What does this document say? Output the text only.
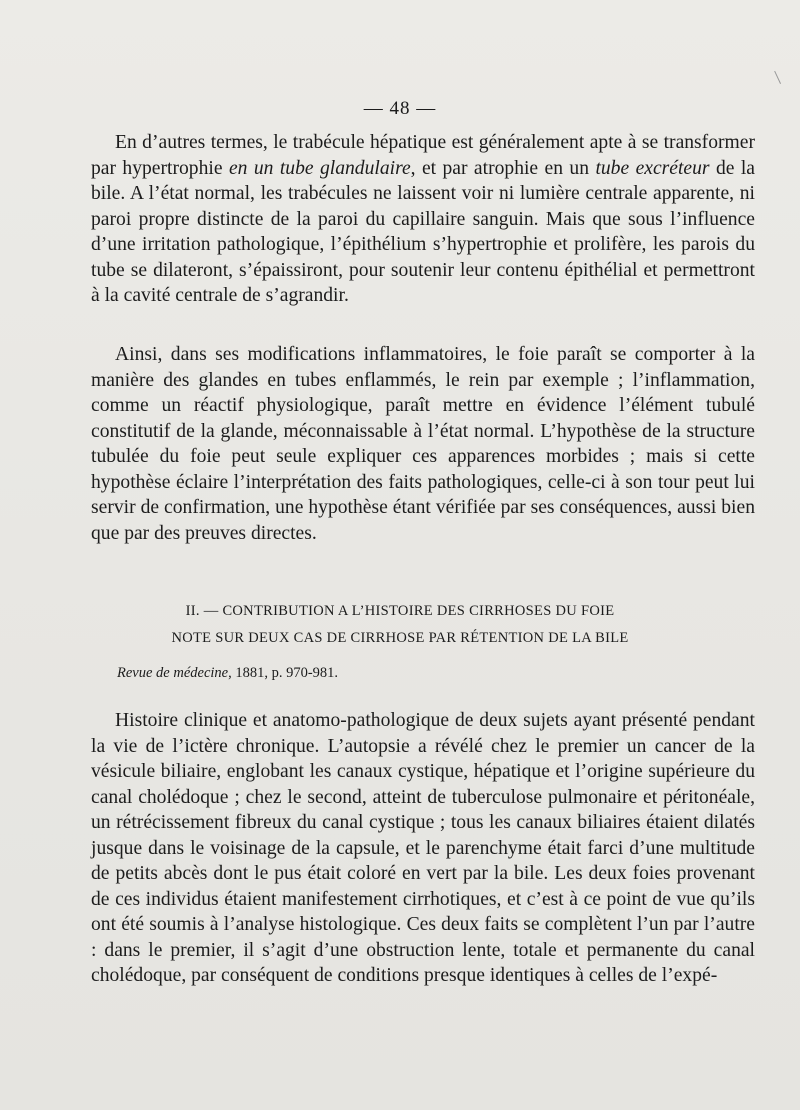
— 48 —

En d’autres termes, le trabécule hépatique est généralement apte à se transformer par hypertrophie en un tube glandulaire, et par atrophie en un tube excréteur de la bile. A l’état normal, les trabécules ne laissent voir ni lumière centrale apparente, ni paroi propre distincte de la paroi du capillaire sanguin. Mais que sous l’influence d’une irritation pathologique, l’épithélium s’hypertrophie et prolifère, les parois du tube se dilateront, s’épaissiront, pour soutenir leur contenu épithélial et permettront à la cavité centrale de s’agrandir.

Ainsi, dans ses modifications inflammatoires, le foie paraît se comporter à la manière des glandes en tubes enflammés, le rein par exemple ; l’inflammation, comme un réactif physiologique, paraît mettre en évidence l’élément tubulé constitutif de la glande, méconnaissable à l’état normal. L’hypothèse de la structure tubulée du foie peut seule expliquer ces apparences morbides ; mais si cette hypothèse éclaire l’interprétation des faits pathologiques, celle-ci à son tour peut lui servir de confirmation, une hypothèse étant vérifiée par ses conséquences, aussi bien que par des preuves directes.

II. — CONTRIBUTION A L’HISTOIRE DES CIRRHOSES DU FOIE

NOTE SUR DEUX CAS DE CIRRHOSE PAR RÉTENTION DE LA BILE

Revue de médecine, 1881, p. 970-981.

Histoire clinique et anatomo-pathologique de deux sujets ayant présenté pendant la vie de l’ictère chronique. L’autopsie a révélé chez le premier un cancer de la vésicule biliaire, englobant les canaux cystique, hépatique et l’origine supérieure du canal cholédoque ; chez le second, atteint de tuberculose pulmonaire et péritonéale, un rétrécissement fibreux du canal cystique ; tous les canaux biliaires étaient dilatés jusque dans le voisinage de la capsule, et le parenchyme était farci d’une multitude de petits abcès dont le pus était coloré en vert par la bile. Les deux foies provenant de ces individus étaient manifestement cirrhotiques, et c’est à ce point de vue qu’ils ont été soumis à l’analyse histologique. Ces deux faits se complètent l’un par l’autre : dans le premier, il s’agit d’une obstruction lente, totale et permanente du canal cholédoque, par conséquent de conditions presque identiques à celles de l’expé-
